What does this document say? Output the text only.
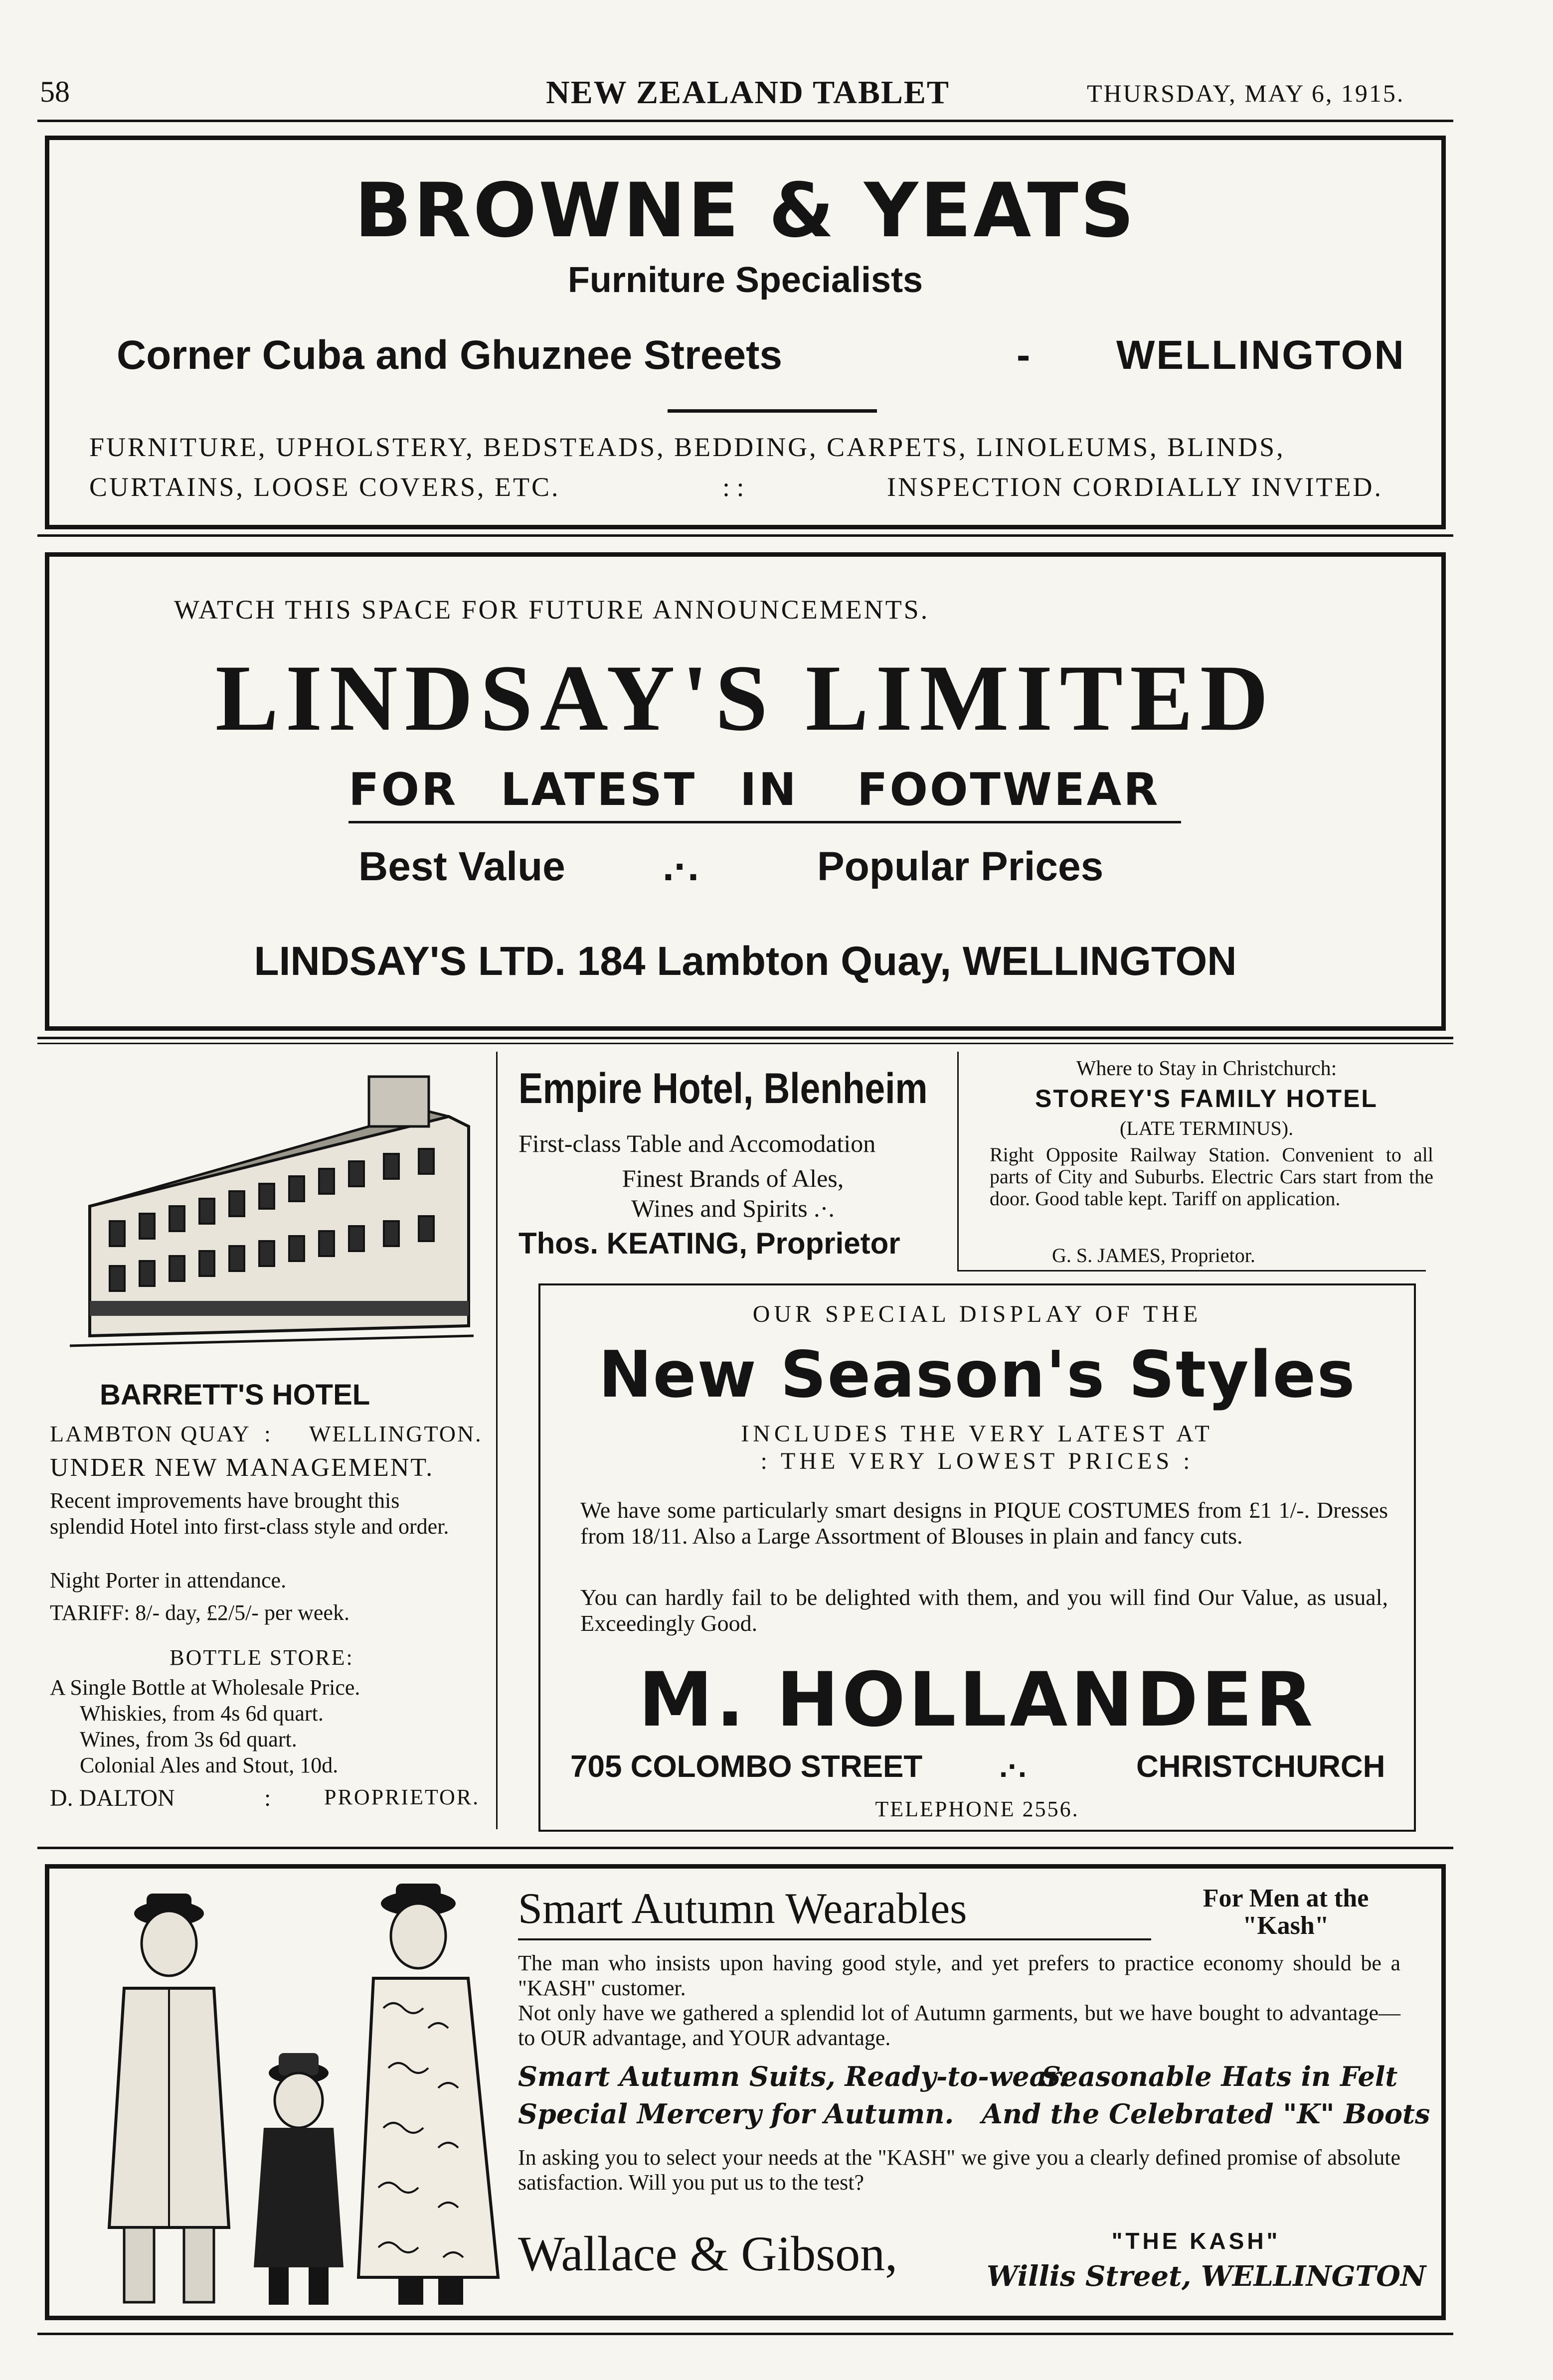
58	NEW ZEALAND TABLET	THURSDAY, MAY 6, 1915.
BROWNE & YEATS
Furniture Specialists
Corner Cuba and Ghuznee Streets	- WELLINGTON
FURNITURE, UPHOLSTERY, BEDSTEADS, BEDDING, CARPETS, LINOLEUMS, BLINDS,
CURTAINS, LOOSE COVERS, ETC.	: :	INSPECTION CORDIALLY INVITED.
WATCH THIS SPACE FOR FUTURE ANNOUNCEMENTS.
LINDSAY'S LIMITED
FOR LATEST IN FOOTWEAR
Best Value .·.	Popular Prices
LINDSAY'S LTD. 184 Lambton Quay, WELLINGTON
BARRETT'S HOTEL
LAMBTON QUAY : WELLINGTON.
UNDER NEW MANAGEMENT.
Recent improvements have brought this splendid Hotel into first-class style and order.
Night Porter in attendance.
TARIFF: 8/- day, £2/5/- per week.
BOTTLE STORE:
A Single Bottle at Wholesale Price.
Whiskies, from 4s 6d quart.
Wines, from 3s 6d quart.
Colonial Ales and Stout, 10d.
D. DALTON	: PROPRIETOR.
Empire Hotel, Blenheim
First-class Table and Accomodation
Finest Brands of Ales,
Wines and Spirits .·.
Thos. KEATING, Proprietor
Where to Stay in Christchurch:
STOREY'S FAMILY HOTEL
(LATE TERMINUS).
Right Opposite Railway Station. Convenient to all parts of City and Suburbs. Electric Cars start from the door. Good table kept. Tariff on application.
G. S. JAMES, Proprietor.
OUR SPECIAL DISPLAY OF THE
New Season's Styles
INCLUDES THE VERY LATEST AT
: THE VERY LOWEST PRICES :
We have some particularly smart designs in PIQUE COSTUMES from £1 1/-. Dresses from 18/11. Also a Large Assortment of Blouses in plain and fancy cuts.
You can hardly fail to be delighted with them, and you will find Our Value, as usual, Exceedingly Good.
M. HOLLANDER
705 COLOMBO STREET .·.	CHRISTCHURCH
TELEPHONE 2556.
Smart Autumn Wearables	For Men at the
"Kash"
The man who insists upon having good style, and yet prefers to practice economy should be a "KASH" customer.
Not only have we gathered a splendid lot of Autumn garments, but we have bought to advantage—to OUR advantage, and YOUR advantage.
Smart Autumn Suits, Ready-to-wear.
Seasonable Hats in Felt
Special Mercery for Autumn. And the Celebrated "K" Boots
In asking you to select your needs at the "KASH" we give you a clearly defined promise of absolute satisfaction. Will you put us to the test?
Wallace & Gibson,	"THE KASH"
Willis Street, WELLINGTON
